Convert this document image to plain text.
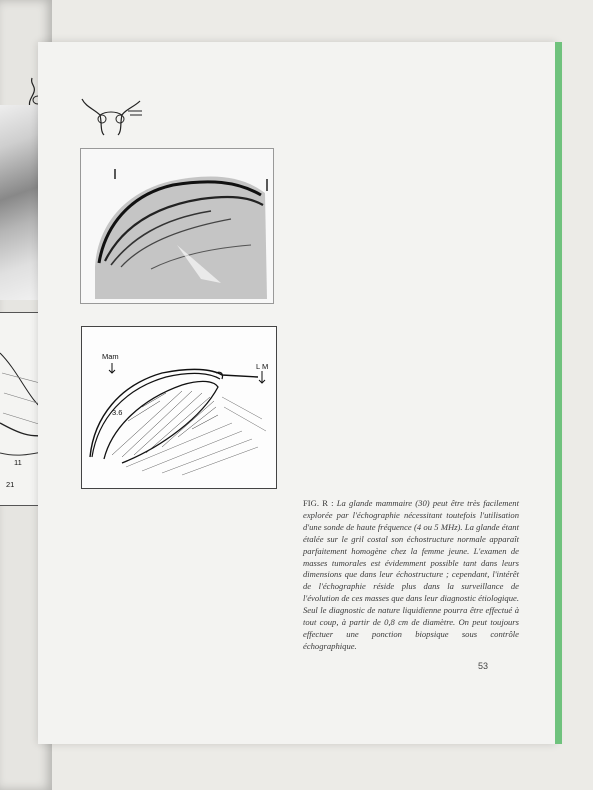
11
21
Mam
L M
3.6
FIG. R : La glande mammaire (30) peut être très facilement explorée par l'échographie nécessitant toutefois l'utilisation d'une sonde de haute fréquence (4 ou 5 MHz). La glande étant étalée sur le gril costal son échostructure normale apparaît parfaitement homogène chez la femme jeune. L'examen de masses tumorales est évidemment possible tant dans leurs dimensions que dans leur échostructure ; cependant, l'intérêt de l'échographie réside plus dans la surveillance de l'évolution de ces masses que dans leur diagnostic étiologique. Seul le diagnostic de nature liquidienne pourra être effectué à tout coup, à partir de 0,8 cm de diamètre. On peut toujours effectuer une ponction biopsique sous contrôle échographique.
53
